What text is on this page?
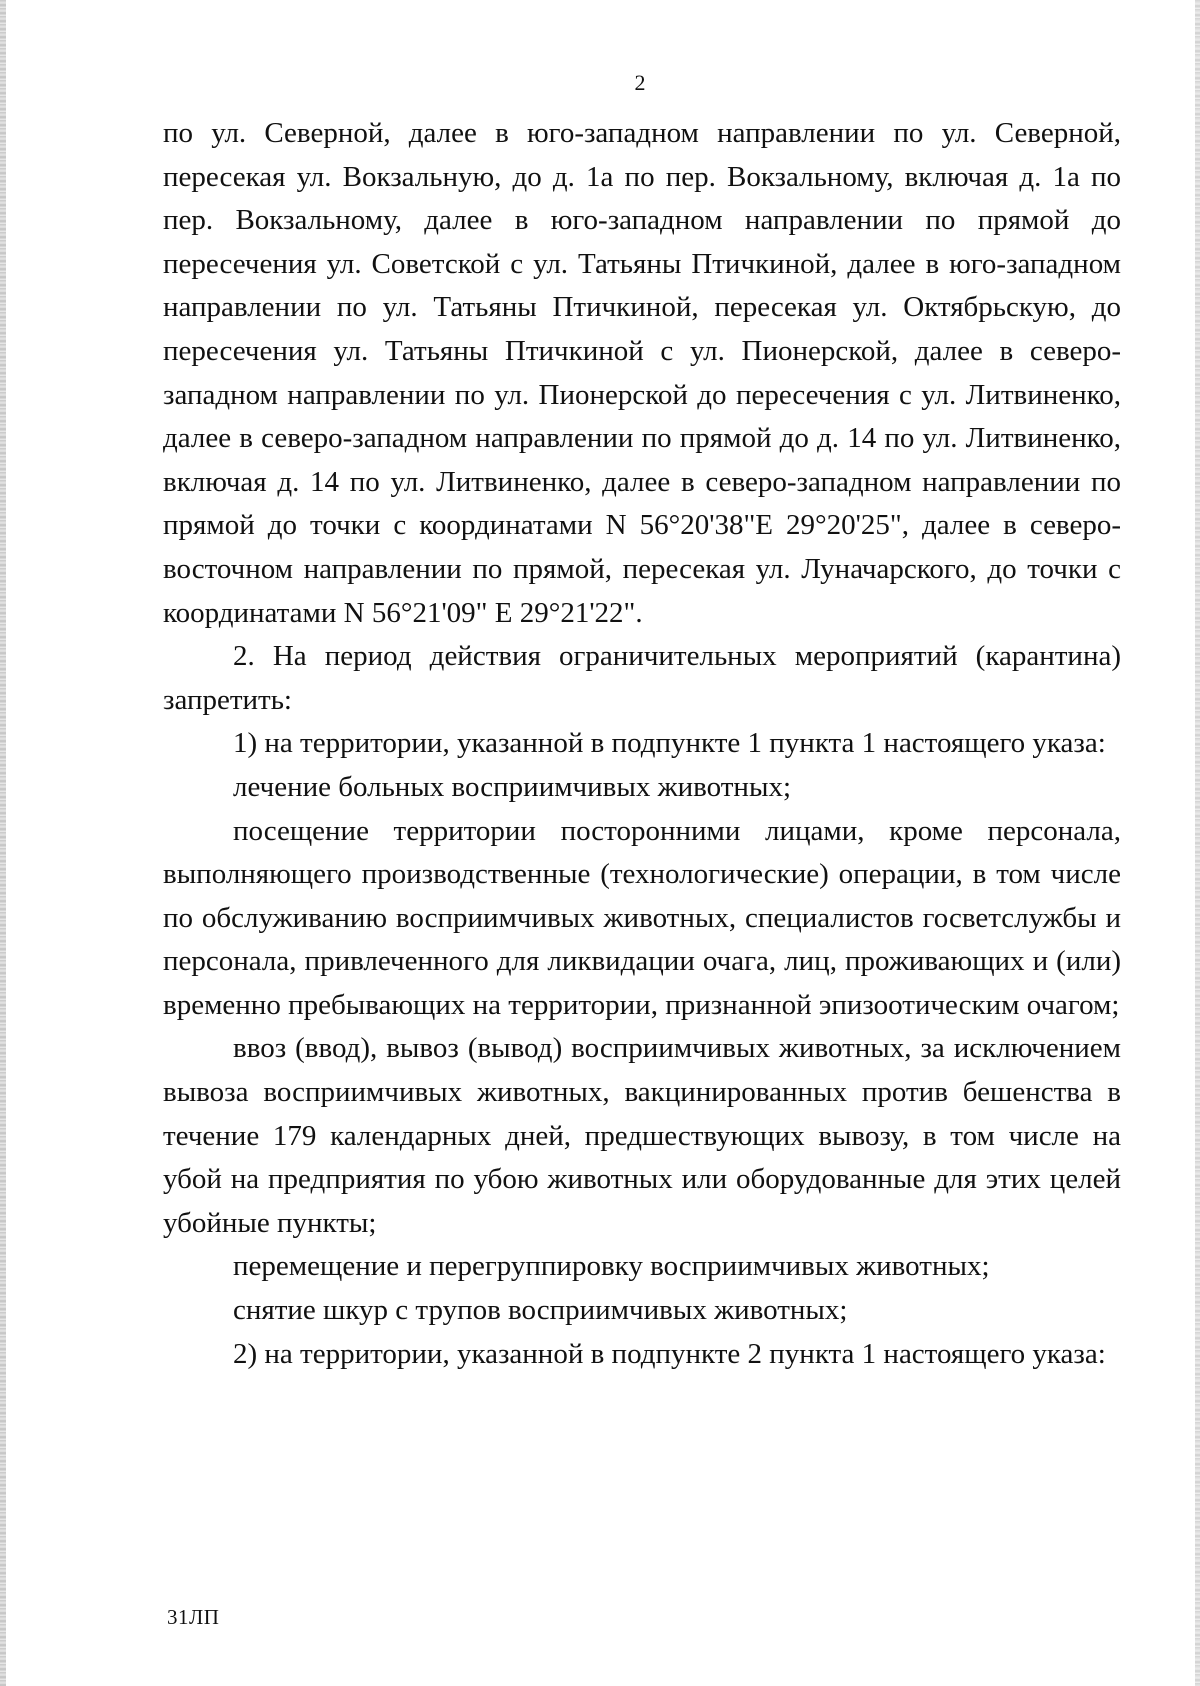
2

по ул. Северной, далее в юго-западном направлении по ул. Северной, пересекая ул. Вокзальную, до д. 1а по пер. Вокзальному, включая д. 1а по пер. Вокзальному, далее в юго-западном направлении по прямой до пересечения ул. Советской с ул. Татьяны Птичкиной, далее в юго-западном направлении по ул. Татьяны Птичкиной, пересекая ул. Октябрьскую, до пересечения ул. Татьяны Птичкиной с ул. Пионерской, далее в северо-западном направлении по ул. Пионерской до пересечения с ул. Литвиненко, далее в северо-западном направлении по прямой до д. 14 по ул. Литвиненко, включая д. 14 по ул. Литвиненко, далее в северо-западном направлении по прямой до точки с координатами N 56°20'38"E 29°20'25", далее в северо-восточном направлении по прямой, пересекая ул. Луначарского, до точки с координатами N 56°21'09" E 29°21'22".

2. На период действия ограничительных мероприятий (карантина) запретить:

1) на территории, указанной в подпункте 1 пункта 1 настоящего указа:

лечение больных восприимчивых животных;

посещение территории посторонними лицами, кроме персонала, выполняющего производственные (технологические) операции, в том числе по обслуживанию восприимчивых животных, специалистов госветслужбы и персонала, привлеченного для ликвидации очага, лиц, проживающих и (или) временно пребывающих на территории, признанной эпизоотическим очагом;

ввоз (ввод), вывоз (вывод) восприимчивых животных, за исключением вывоза восприимчивых животных, вакцинированных против бешенства в течение 179 календарных дней, предшествующих вывозу, в том числе на убой на предприятия по убою животных или оборудованные для этих целей убойные пункты;

перемещение и перегруппировку восприимчивых животных;

снятие шкур с трупов восприимчивых животных;

2) на территории, указанной в подпункте 2 пункта 1 настоящего указа:

31ЛП
